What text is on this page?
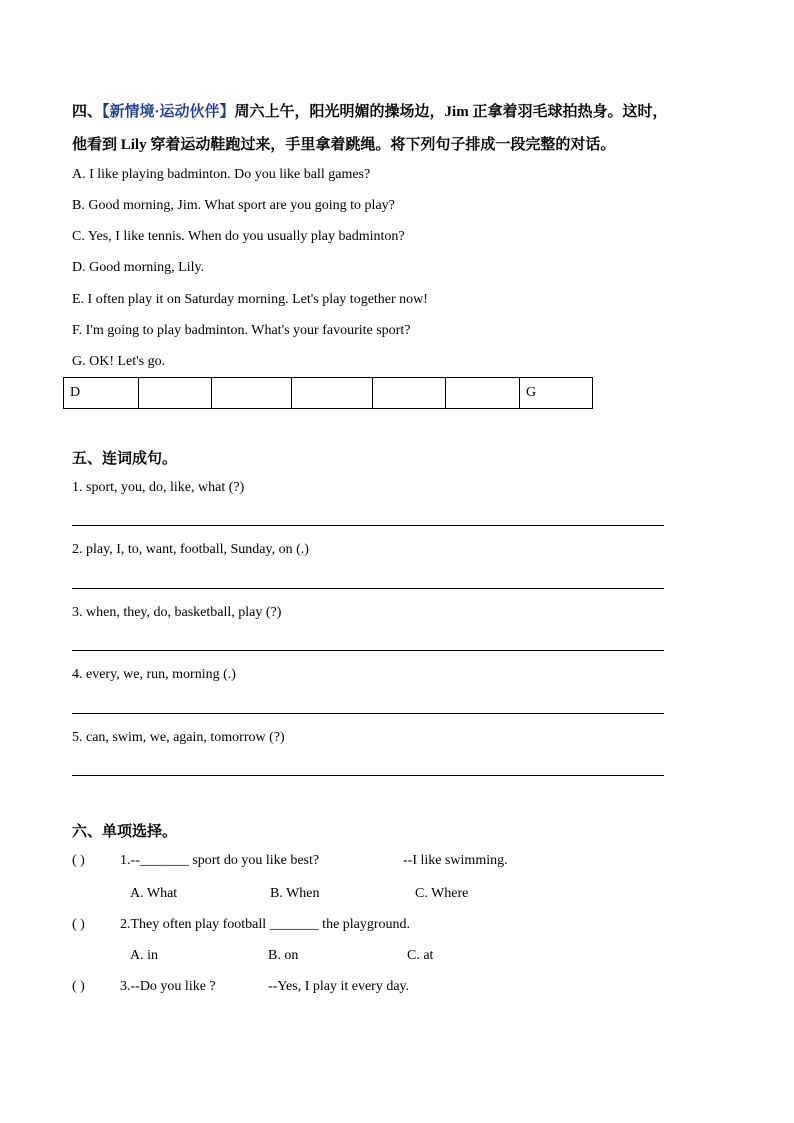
四、【新情境·运动伙伴】周六上午，阳光明媚的操场边，Jim 正拿着羽毛球拍热身。这时，
他看到 Lily 穿着运动鞋跑过来，手里拿着跳绳。将下列句子排成一段完整的对话。
A. I like playing badminton. Do you like ball games?
B. Good morning, Jim. What sport are you going to play?
C. Yes, I like tennis. When do you usually play badminton?
D. Good morning, Lily.
E. I often play it on Saturday morning. Let's play together now!
F. I'm going to play badminton. What's your favourite sport?
G. OK! Let's go.
D						G
五、连词成句。
1. sport, you, do, like, what (?)
2. play, I, to, want, football, Sunday, on (.)
3. when, they, do, basketball, play (?)
4. every, we, run, morning (.)
5. can, swim, we, again, tomorrow (?)
六、单项选择。
( )	1.--_______ sport do you like best?	--I like swimming.
A. What	B. When	C. Where
( )	2.They often play football _______ the playground.
A. in	B. on	C. at
( )	3.--Do you like ?	--Yes, I play it every day.
